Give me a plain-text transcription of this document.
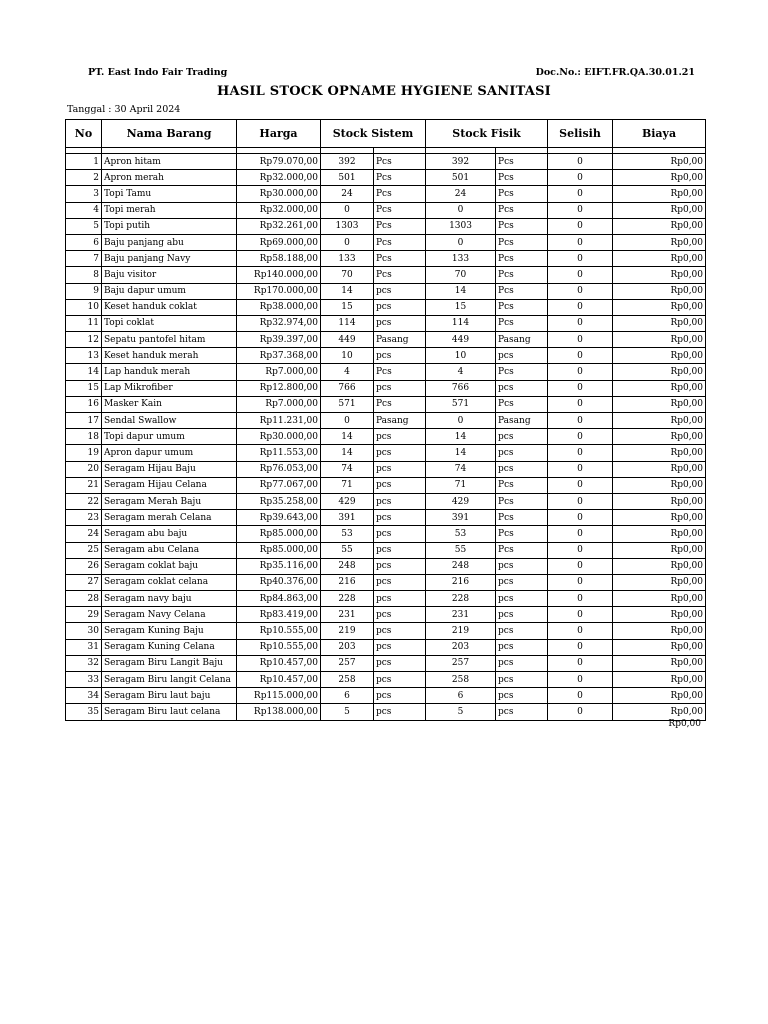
PT. East Indo Fair Trading	Doc.No.: EIFT.FR.QA.30.01.21
HASIL STOCK OPNAME HYGIENE SANITASI
Tanggal : 30 April 2024
No	Nama Barang	Harga	Stock Sistem		Stock Fisik		Selisih	Biaya

1	Apron hitam	Rp79.070,00	392	Pcs	392	Pcs	0	Rp0,00
2	Apron merah	Rp32.000,00	501	Pcs	501	Pcs	0	Rp0,00
3	Topi Tamu	Rp30.000,00	24	Pcs	24	Pcs	0	Rp0,00
4	Topi merah	Rp32.000,00	0	Pcs	0	Pcs	0	Rp0,00
5	Topi putih	Rp32.261,00	1303	Pcs	1303	Pcs	0	Rp0,00
6	Baju panjang abu	Rp69.000,00	0	Pcs	0	Pcs	0	Rp0,00
7	Baju panjang Navy	Rp58.188,00	133	Pcs	133	Pcs	0	Rp0,00
8	Baju visitor	Rp140.000,00	70	Pcs	70	Pcs	0	Rp0,00
9	Baju dapur umum	Rp170.000,00	14	pcs	14	Pcs	0	Rp0,00
10	Keset handuk coklat	Rp38.000,00	15	pcs	15	Pcs	0	Rp0,00
11	Topi coklat	Rp32.974,00	114	pcs	114	Pcs	0	Rp0,00
12	Sepatu pantofel hitam	Rp39.397,00	449	Pasang	449	Pasang	0	Rp0,00
13	Keset handuk merah	Rp37.368,00	10	pcs	10	pcs	0	Rp0,00
14	Lap handuk merah	Rp7.000,00	4	Pcs	4	Pcs	0	Rp0,00
15	Lap Mikrofiber	Rp12.800,00	766	pcs	766	pcs	0	Rp0,00
16	Masker Kain	Rp7.000,00	571	Pcs	571	Pcs	0	Rp0,00
17	Sendal Swallow	Rp11.231,00	0	Pasang	0	Pasang	0	Rp0,00
18	Topi dapur umum	Rp30.000,00	14	pcs	14	pcs	0	Rp0,00
19	Apron dapur umum	Rp11.553,00	14	pcs	14	pcs	0	Rp0,00
20	Seragam Hijau Baju	Rp76.053,00	74	pcs	74	pcs	0	Rp0,00
21	Seragam Hijau Celana	Rp77.067,00	71	pcs	71	Pcs	0	Rp0,00
22	Seragam Merah Baju	Rp35.258,00	429	pcs	429	Pcs	0	Rp0,00
23	Seragam merah Celana	Rp39.643,00	391	pcs	391	Pcs	0	Rp0,00
24	Seragam abu baju	Rp85.000,00	53	pcs	53	Pcs	0	Rp0,00
25	Seragam abu Celana	Rp85.000,00	55	pcs	55	Pcs	0	Rp0,00
26	Seragam coklat baju	Rp35.116,00	248	pcs	248	pcs	0	Rp0,00
27	Seragam coklat celana	Rp40.376,00	216	pcs	216	pcs	0	Rp0,00
28	Seragam navy baju	Rp84.863,00	228	pcs	228	pcs	0	Rp0,00
29	Seragam Navy Celana	Rp83.419,00	231	pcs	231	pcs	0	Rp0,00
30	Seragam Kuning Baju	Rp10.555,00	219	pcs	219	pcs	0	Rp0,00
31	Seragam Kuning Celana	Rp10.555,00	203	pcs	203	pcs	0	Rp0,00
32	Seragam Biru Langit Baju	Rp10.457,00	257	pcs	257	pcs	0	Rp0,00
33	Seragam Biru langit Celana	Rp10.457,00	258	pcs	258	pcs	0	Rp0,00
34	Seragam Biru laut baju	Rp115.000,00	6	pcs	6	pcs	0	Rp0,00
35	Seragam Biru laut celana	Rp138.000,00	5	pcs	5	pcs	0	Rp0,00
Rp0,00
